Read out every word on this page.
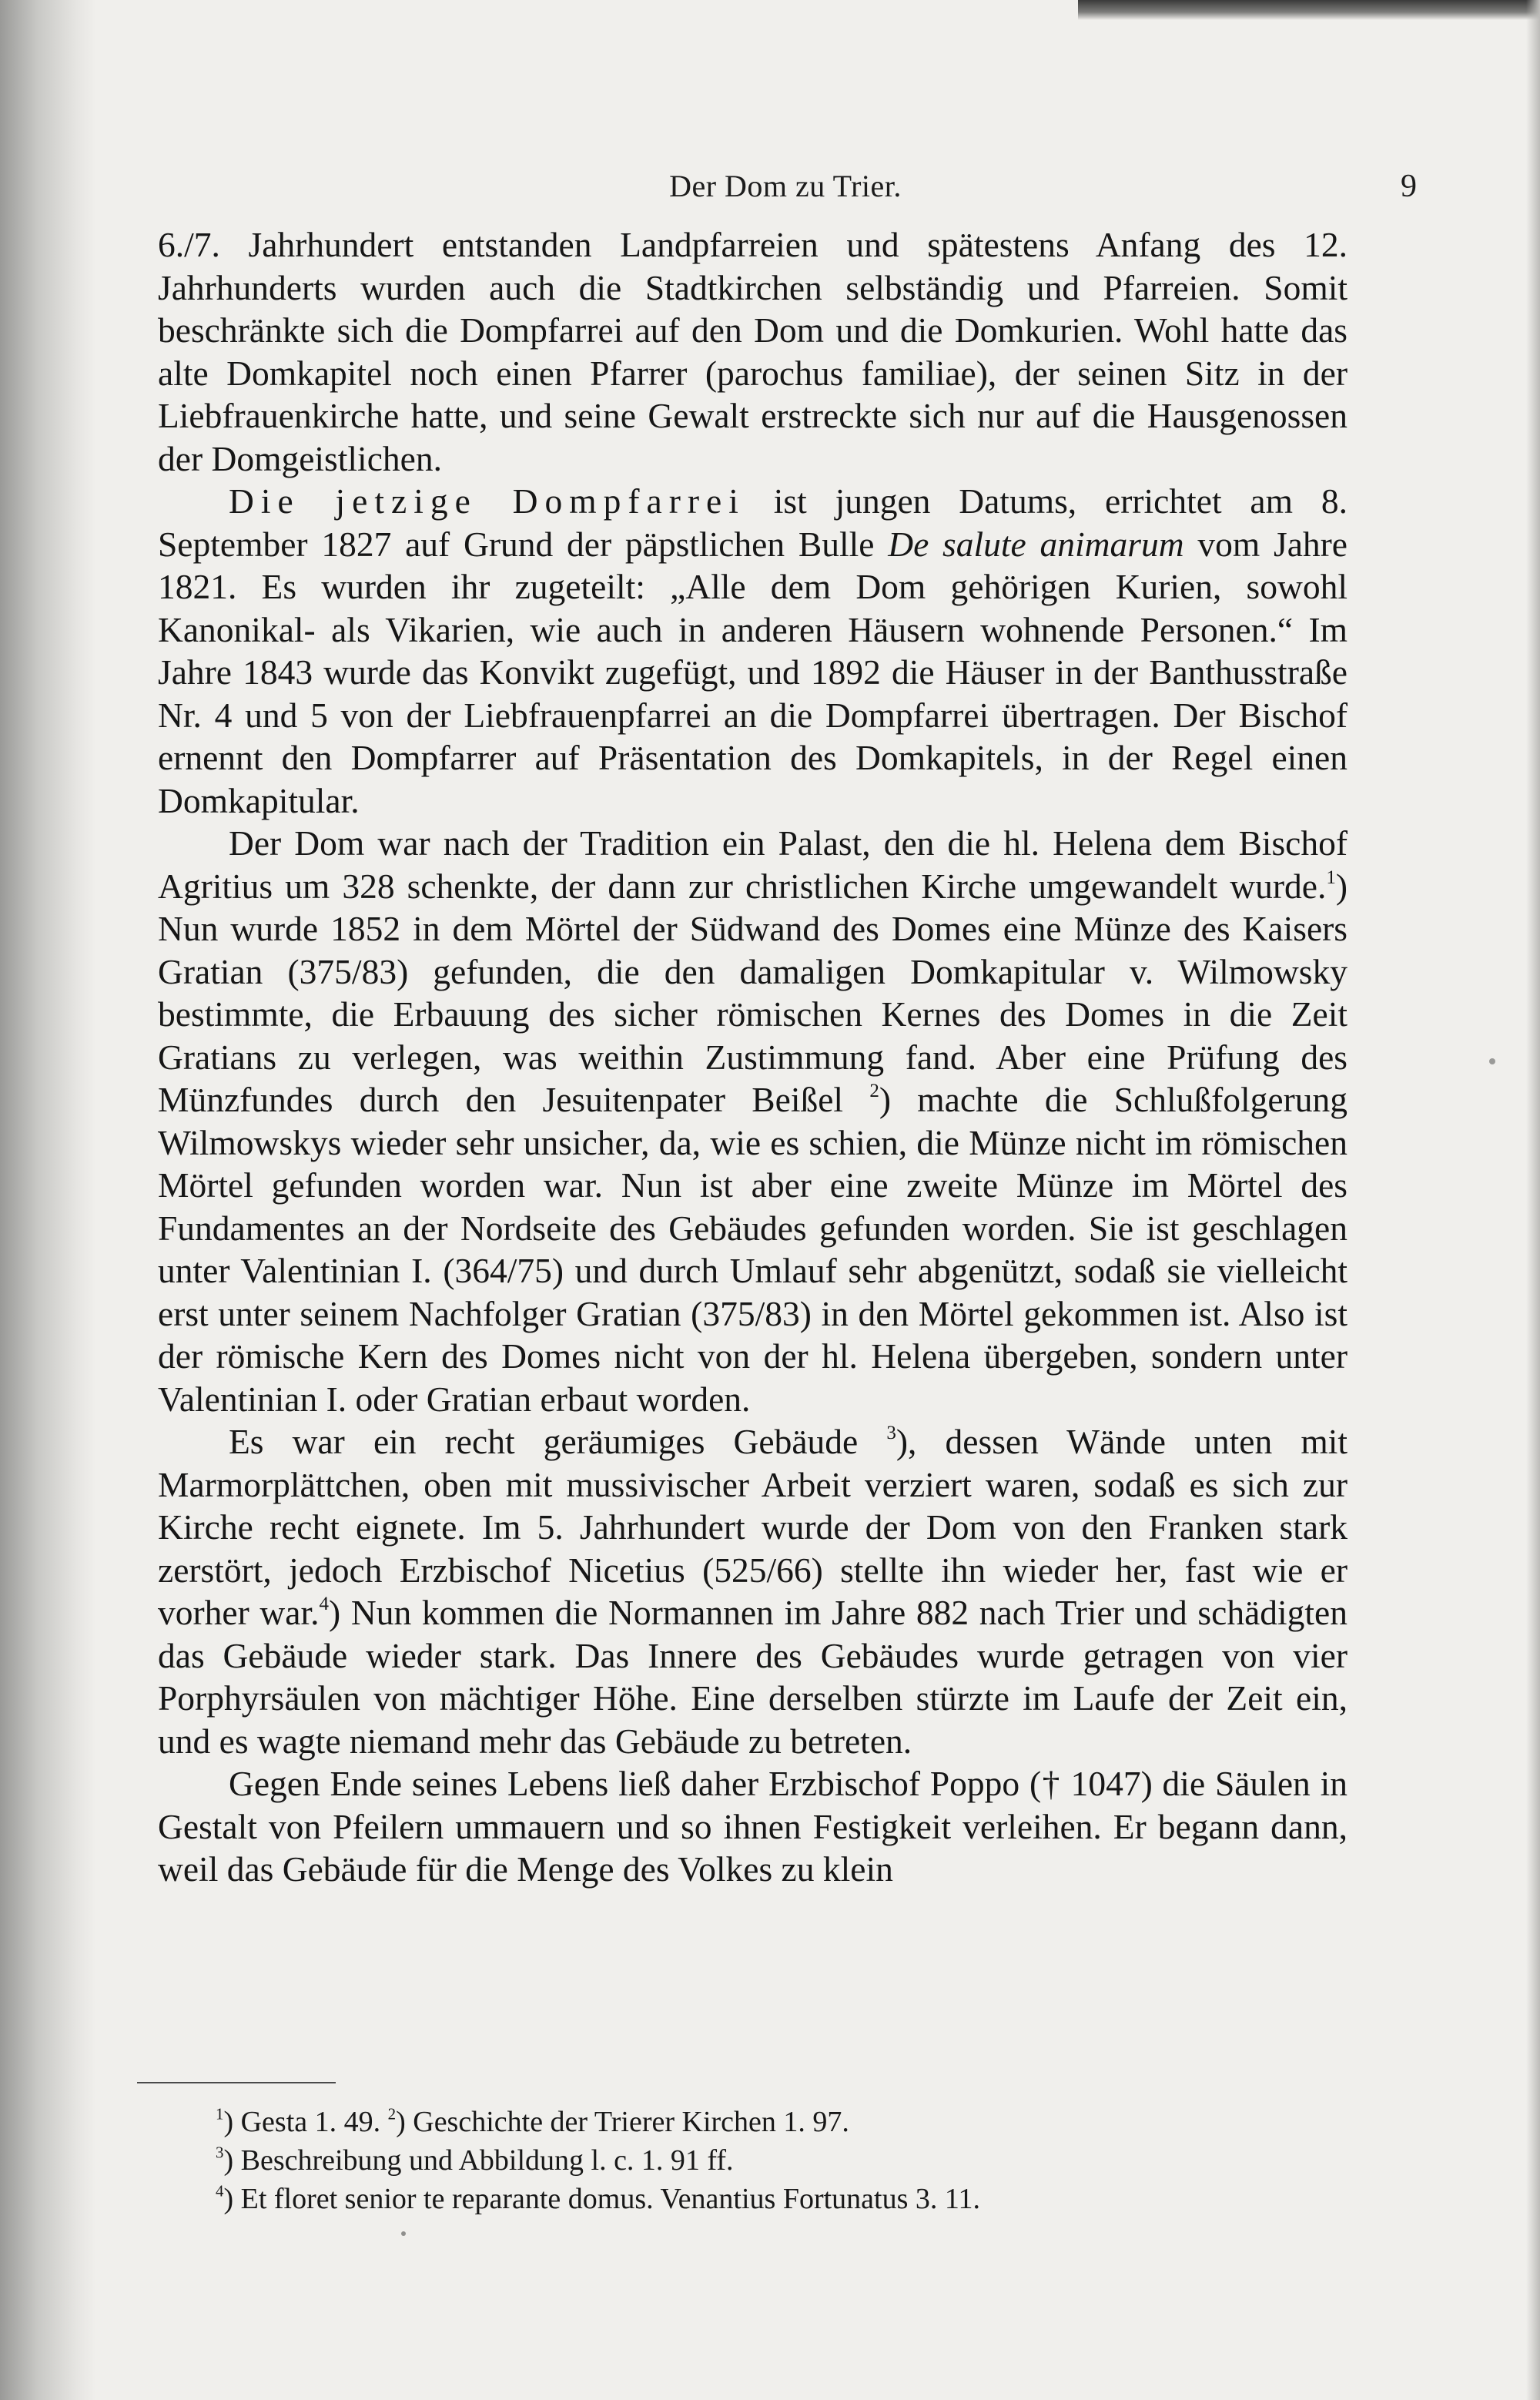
Der Dom zu Trier.	9

6./7. Jahrhundert entstanden Landpfarreien und spätestens Anfang des 12. Jahrhunderts wurden auch die Stadtkirchen selbständig und Pfarreien. Somit beschränkte sich die Dompfarrei auf den Dom und die Domkurien. Wohl hatte das alte Domkapitel noch einen Pfarrer (parochus familiae), der seinen Sitz in der Liebfrauenkirche hatte, und seine Gewalt erstreckte sich nur auf die Hausgenossen der Domgeistlichen.

Die jetzige Dompfarrei ist jungen Datums, errichtet am 8. September 1827 auf Grund der päpstlichen Bulle De salute animarum vom Jahre 1821. Es wurden ihr zugeteilt: „Alle dem Dom gehörigen Kurien, sowohl Kanonikal- als Vikarien, wie auch in anderen Häusern wohnende Personen.“ Im Jahre 1843 wurde das Konvikt zugefügt, und 1892 die Häuser in der Banthusstraße Nr. 4 und 5 von der Liebfrauenpfarrei an die Dompfarrei übertragen. Der Bischof ernennt den Dompfarrer auf Präsentation des Domkapitels, in der Regel einen Domkapitular.

Der Dom war nach der Tradition ein Palast, den die hl. Helena dem Bischof Agritius um 328 schenkte, der dann zur christlichen Kirche umgewandelt wurde.$^1$) Nun wurde 1852 in dem Mörtel der Südwand des Domes eine Münze des Kaisers Gratian (375/83) gefunden, die den damaligen Domkapitular v. Wilmowsky bestimmte, die Erbauung des sicher römischen Kernes des Domes in die Zeit Gratians zu verlegen, was weithin Zustimmung fand. Aber eine Prüfung des Münzfundes durch den Jesuitenpater Beißel $^2$) machte die Schlußfolgerung Wilmowskys wieder sehr unsicher, da, wie es schien, die Münze nicht im römischen Mörtel gefunden worden war. Nun ist aber eine zweite Münze im Mörtel des Fundamentes an der Nordseite des Gebäudes gefunden worden. Sie ist geschlagen unter Valentinian I. (364/75) und durch Umlauf sehr abgenützt, sodaß sie vielleicht erst unter seinem Nachfolger Gratian (375/83) in den Mörtel gekommen ist. Also ist der römische Kern des Domes nicht von der hl. Helena übergeben, sondern unter Valentinian I. oder Gratian erbaut worden.

Es war ein recht geräumiges Gebäude $^3$), dessen Wände unten mit Marmorplättchen, oben mit mussivischer Arbeit verziert waren, sodaß es sich zur Kirche recht eignete. Im 5. Jahrhundert wurde der Dom von den Franken stark zerstört, jedoch Erzbischof Nicetius (525/66) stellte ihn wieder her, fast wie er vorher war.$^4$) Nun kommen die Normannen im Jahre 882 nach Trier und schädigten das Gebäude wieder stark. Das Innere des Gebäudes wurde getragen von vier Porphyrsäulen von mächtiger Höhe. Eine derselben stürzte im Laufe der Zeit ein, und es wagte niemand mehr das Gebäude zu betreten.

Gegen Ende seines Lebens ließ daher Erzbischof Poppo († 1047) die Säulen in Gestalt von Pfeilern ummauern und so ihnen Festigkeit verleihen. Er begann dann, weil das Gebäude für die Menge des Volkes zu klein

$^1$) Gesta 1. 49. $^2$) Geschichte der Trierer Kirchen 1. 97.
$^3$) Beschreibung und Abbildung l. c. 1. 91 ff.
$^4$) Et floret senior te reparante domus. Venantius Fortunatus 3. 11.
